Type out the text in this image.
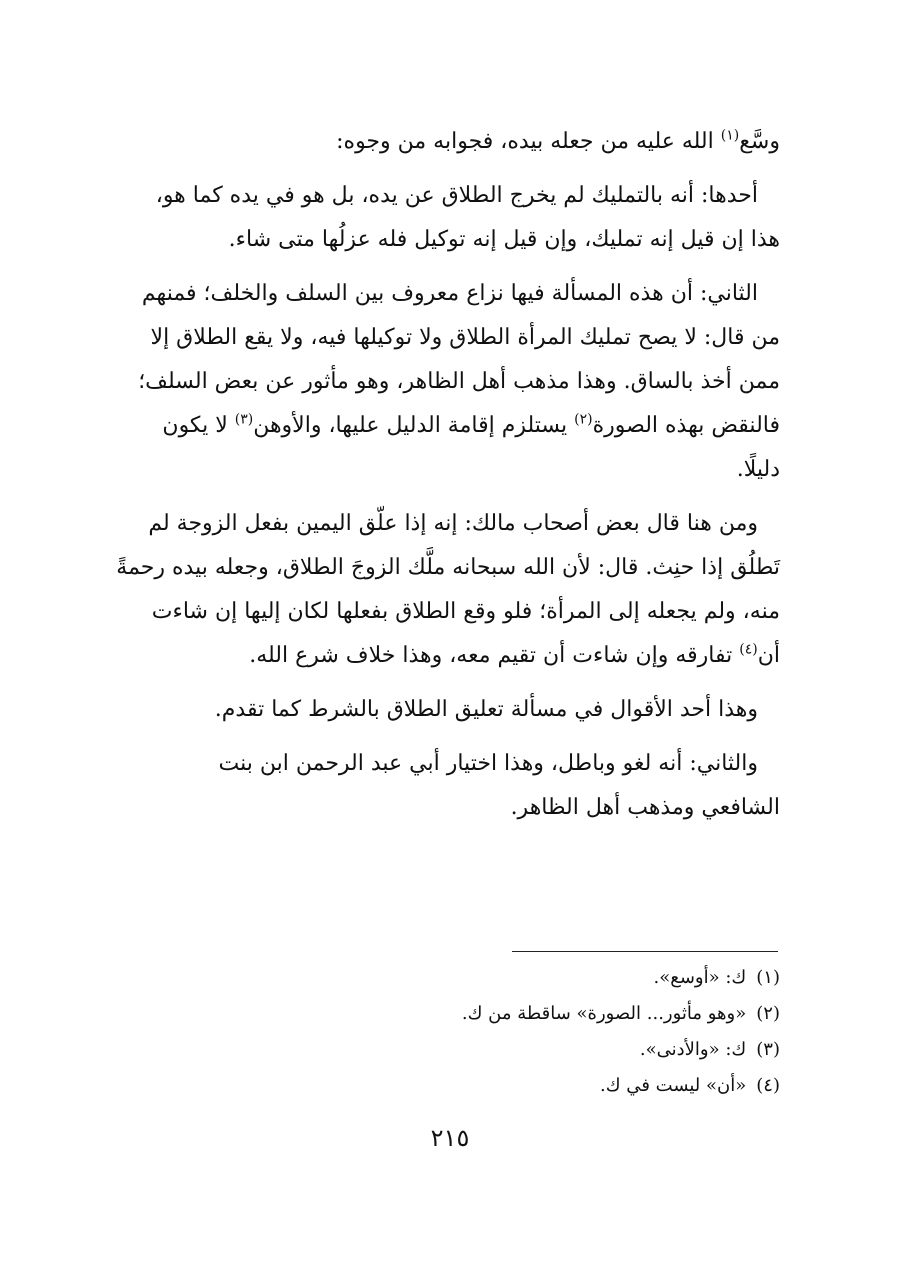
وسَّع$^{(١)}$ الله عليه من جعله بيده، فجوابه من وجوه:
أحدها: أنه بالتمليك لم يخرج الطلاق عن يده، بل هو في يده كما هو،
هذا إن قيل إنه تمليك، وإن قيل إنه توكيل فله عزلُها متى شاء.
الثاني: أن هذه المسألة فيها نزاع معروف بين السلف والخلف؛ فمنهم
من قال: لا يصح تمليك المرأة الطلاق ولا توكيلها فيه، ولا يقع الطلاق إلا
ممن أخذ بالساق. وهذا مذهب أهل الظاهر، وهو مأثور عن بعض السلف؛
فالنقض بهذه الصورة$^{(٢)}$ يستلزم إقامة الدليل عليها، والأوهن$^{(٣)}$ لا يكون
دليلًا.
ومن هنا قال بعض أصحاب مالك: إنه إذا علّق اليمين بفعل الزوجة لم
تَطلُق إذا حنِث. قال: لأن الله سبحانه ملَّك الزوجَ الطلاق، وجعله بيده رحمةً
منه، ولم يجعله إلى المرأة؛ فلو وقع الطلاق بفعلها لكان إليها إن شاءت
أن$^{(٤)}$ تفارقه وإن شاءت أن تقيم معه، وهذا خلاف شرع الله.
وهذا أحد الأقوال في مسألة تعليق الطلاق بالشرط كما تقدم.
والثاني: أنه لغو وباطل، وهذا اختيار أبي عبد الرحمن ابن بنت
الشافعي ومذهب أهل الظاهر.
(١)ك: «أوسع».
(٢)«وهو مأثور... الصورة» ساقطة من ك.
(٣)ك: «والأدنى».
(٤)«أن» ليست في ك.
٢١٥
